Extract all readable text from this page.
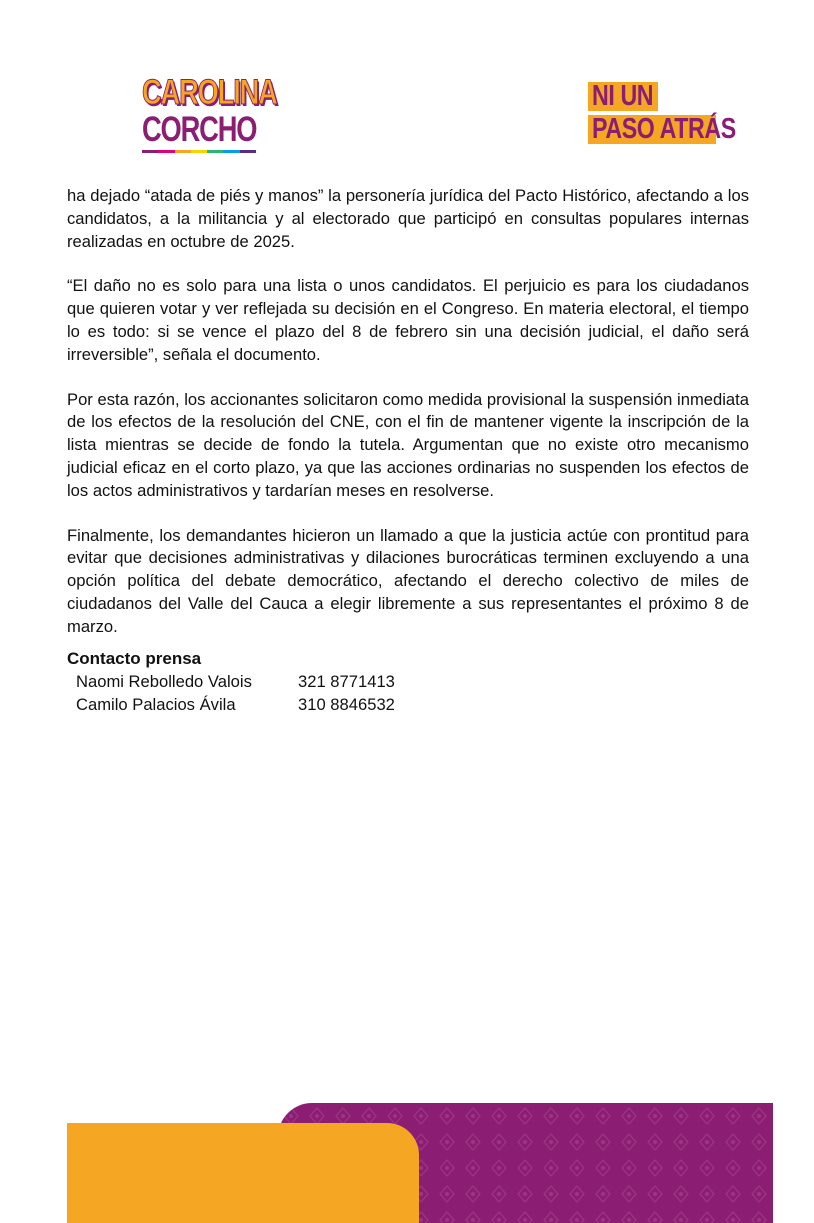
CAROLINA
CORCHO
NI UN
PASO ATRÁS

ha dejado “atada de piés y manos” la personería jurídica del Pacto Histórico, afectando a los candidatos, a la militancia y al electorado que participó en consultas populares internas realizadas en octubre de 2025.

“El daño no es solo para una lista o unos candidatos. El perjuicio es para los ciudadanos que quieren votar y ver reflejada su decisión en el Congreso. En materia electoral, el tiempo lo es todo: si se vence el plazo del 8 de febrero sin una decisión judicial, el daño será irreversible”, señala el documento.

Por esta razón, los accionantes solicitaron como medida provisional la suspensión inmediata de los efectos de la resolución del CNE, con el fin de mantener vigente la inscripción de la lista mientras se decide de fondo la tutela. Argumentan que no existe otro mecanismo judicial eficaz en el corto plazo, ya que las acciones ordinarias no suspenden los efectos de los actos administrativos y tardarían meses en resolverse.

Finalmente, los demandantes hicieron un llamado a que la justicia actúe con prontitud para evitar que decisiones administrativas y dilaciones burocráticas terminen excluyendo a una opción política del debate democrático, afectando el derecho colectivo de miles de ciudadanos del Valle del Cauca a elegir libremente a sus representantes el próximo 8 de marzo.

Contacto prensa
Naomi Rebolledo Valois	321 8771413
Camilo Palacios Ávila	310 8846532
